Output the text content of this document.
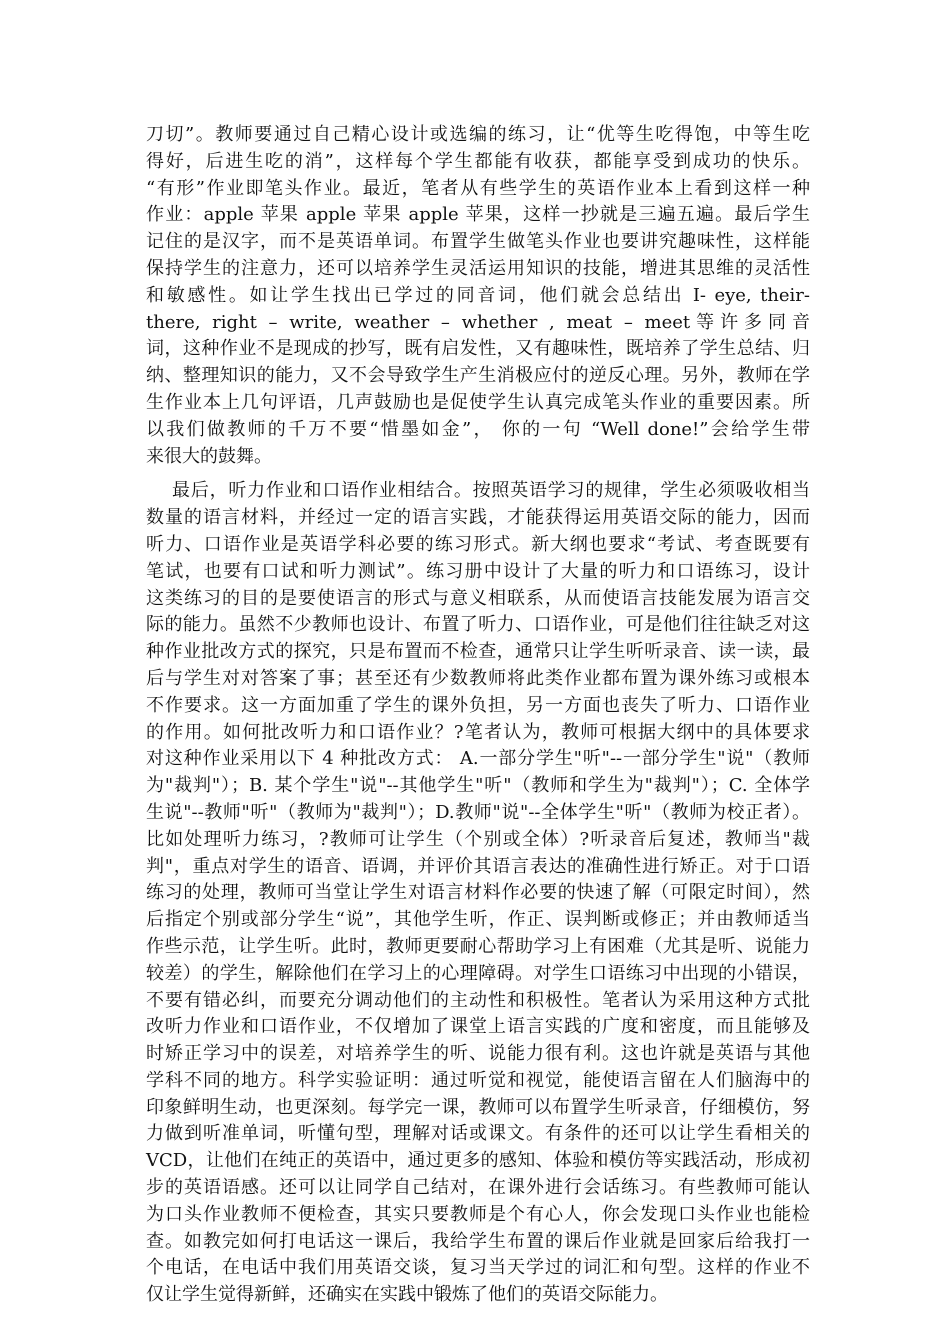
刀切”。教师要通过自己精心设计或选编的练习，让“优等生吃得饱，中等生吃
得好，后进生吃的消”，这样每个学生都能有收获，都能享受到成功的快乐。
“有形”作业即笔头作业。最近，笔者从有些学生的英语作业本上看到这样一种
作业：apple 苹果 apple 苹果 apple 苹果，这样一抄就是三遍五遍。最后学生
记住的是汉字，而不是英语单词。布置学生做笔头作业也要讲究趣味性，这样能
保持学生的注意力，还可以培养学生灵活运用知识的技能，增进其思维的灵活性
和敏感性。如让学生找出已学过的同音词，他们就会总结出 I- eye, their-
there, right – write, weather – whether , meat – meet等许多同音
词，这种作业不是现成的抄写，既有启发性，又有趣味性，既培养了学生总结、归
纳、整理知识的能力，又不会导致学生产生消极应付的逆反心理。另外，教师在学
生作业本上几句评语，几声鼓励也是促使学生认真完成笔头作业的重要因素。所
以我们做教师的千万不要“惜墨如金”， 你的一句 “Well done!”会给学生带
来很大的鼓舞。
最后，听力作业和口语作业相结合。按照英语学习的规律，学生必须吸收相当
数量的语言材料，并经过一定的语言实践，才能获得运用英语交际的能力，因而
听力、口语作业是英语学科必要的练习形式。新大纲也要求“考试、考查既要有
笔试，也要有口试和听力测试”。练习册中设计了大量的听力和口语练习，设计
这类练习的目的是要使语言的形式与意义相联系，从而使语言技能发展为语言交
际的能力。虽然不少教师也设计、布置了听力、口语作业，可是他们往往缺乏对这
种作业批改方式的探究，只是布置而不检查，通常只让学生听听录音、读一读，最
后与学生对对答案了事；甚至还有少数教师将此类作业都布置为课外练习或根本
不作要求。这一方面加重了学生的课外负担，另一方面也丧失了听力、口语作业
的作用。如何批改听力和口语作业？?笔者认为，教师可根据大纲中的具体要求
对这种作业采用以下 4 种批改方式： A.一部分学生"听"--一部分学生"说"（教师
为"裁判"）；B. 某个学生"说"--其他学生"听"（教师和学生为"裁判"）；C. 全体学
生说"--教师"听"（教师为"裁判"）；D.教师"说"--全体学生"听"（教师为校正者）。
比如处理听力练习，?教师可让学生（个别或全体）?听录音后复述，教师当"裁
判"，重点对学生的语音、语调，并评价其语言表达的准确性进行矫正。对于口语
练习的处理，教师可当堂让学生对语言材料作必要的快速了解（可限定时间），然
后指定个别或部分学生“说”，其他学生听，作正、误判断或修正；并由教师适当
作些示范，让学生听。此时，教师更要耐心帮助学习上有困难（尤其是听、说能力
较差）的学生，解除他们在学习上的心理障碍。对学生口语练习中出现的小错误，
不要有错必纠，而要充分调动他们的主动性和积极性。笔者认为采用这种方式批
改听力作业和口语作业，不仅增加了课堂上语言实践的广度和密度，而且能够及
时矫正学习中的误差，对培养学生的听、说能力很有利。这也许就是英语与其他
学科不同的地方。科学实验证明：通过听觉和视觉，能使语言留在人们脑海中的
印象鲜明生动，也更深刻。每学完一课，教师可以布置学生听录音，仔细模仿，努
力做到听准单词，听懂句型，理解对话或课文。有条件的还可以让学生看相关的
VCD，让他们在纯正的英语中，通过更多的感知、体验和模仿等实践活动，形成初
步的英语语感。还可以让同学自己结对，在课外进行会话练习。有些教师可能认
为口头作业教师不便检查，其实只要教师是个有心人，你会发现口头作业也能检
查。如教完如何打电话这一课后，我给学生布置的课后作业就是回家后给我打一
个电话，在电话中我们用英语交谈，复习当天学过的词汇和句型。这样的作业不
仅让学生觉得新鲜，还确实在实践中锻炼了他们的英语交际能力。
